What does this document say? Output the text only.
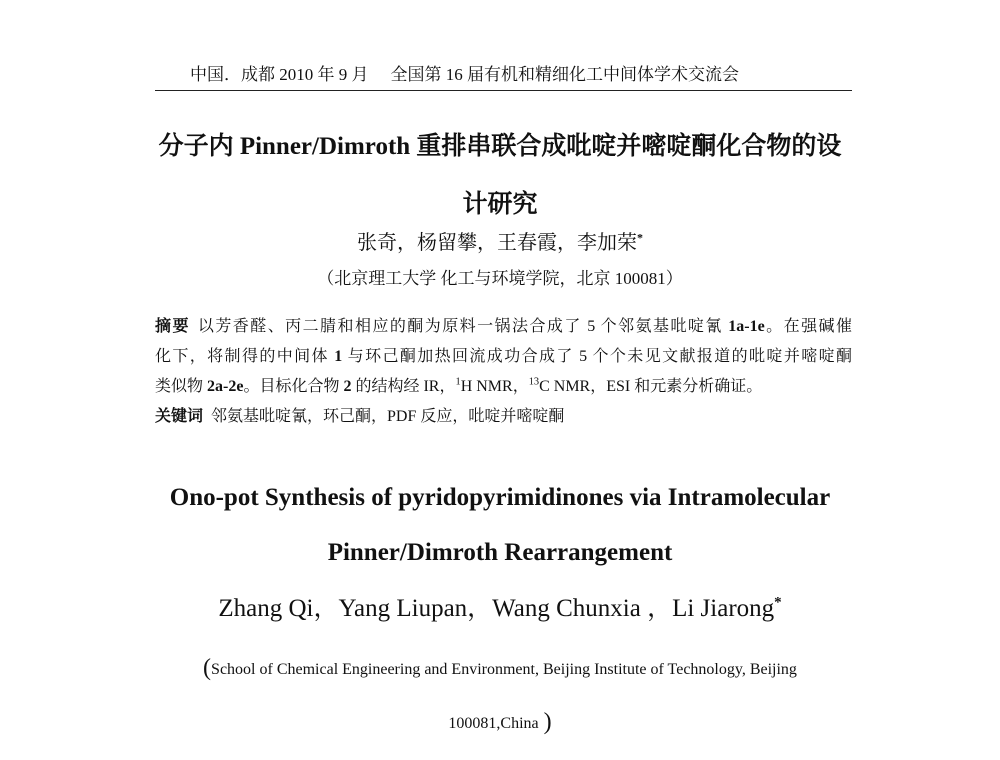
中国．成都 2010 年 9 月 全国第 16 届有机和精细化工中间体学术交流会
分子内 Pinner/Dimroth 重排串联合成吡啶并嘧啶酮化合物的设
计研究
张奇，杨留攀，王春霞，李加荣*
（北京理工大学 化工与环境学院，北京 100081）
摘要 以芳香醛、丙二腈和相应的酮为原料一锅法合成了 5 个邻氨基吡啶氰 1a-1e。在强碱催
化下，将制得的中间体 1 与环己酮加热回流成功合成了 5 个个未见文献报道的吡啶并嘧啶酮
类似物 2a-2e。目标化合物 2 的结构经 IR，$^1$H NMR，$^{13}$C NMR，ESI 和元素分析确证。
关键词 邻氨基吡啶氰，环己酮，PDF 反应，吡啶并嘧啶酮
Ono-pot Synthesis of pyridopyrimidinones via Intramolecular
Pinner/Dimroth Rearrangement
Zhang Qi，Yang Liupan，Wang Chunxia ，Li Jiarong*
(School of Chemical Engineering and Environment, Beijing Institute of Technology, Beijing
100081,China )
